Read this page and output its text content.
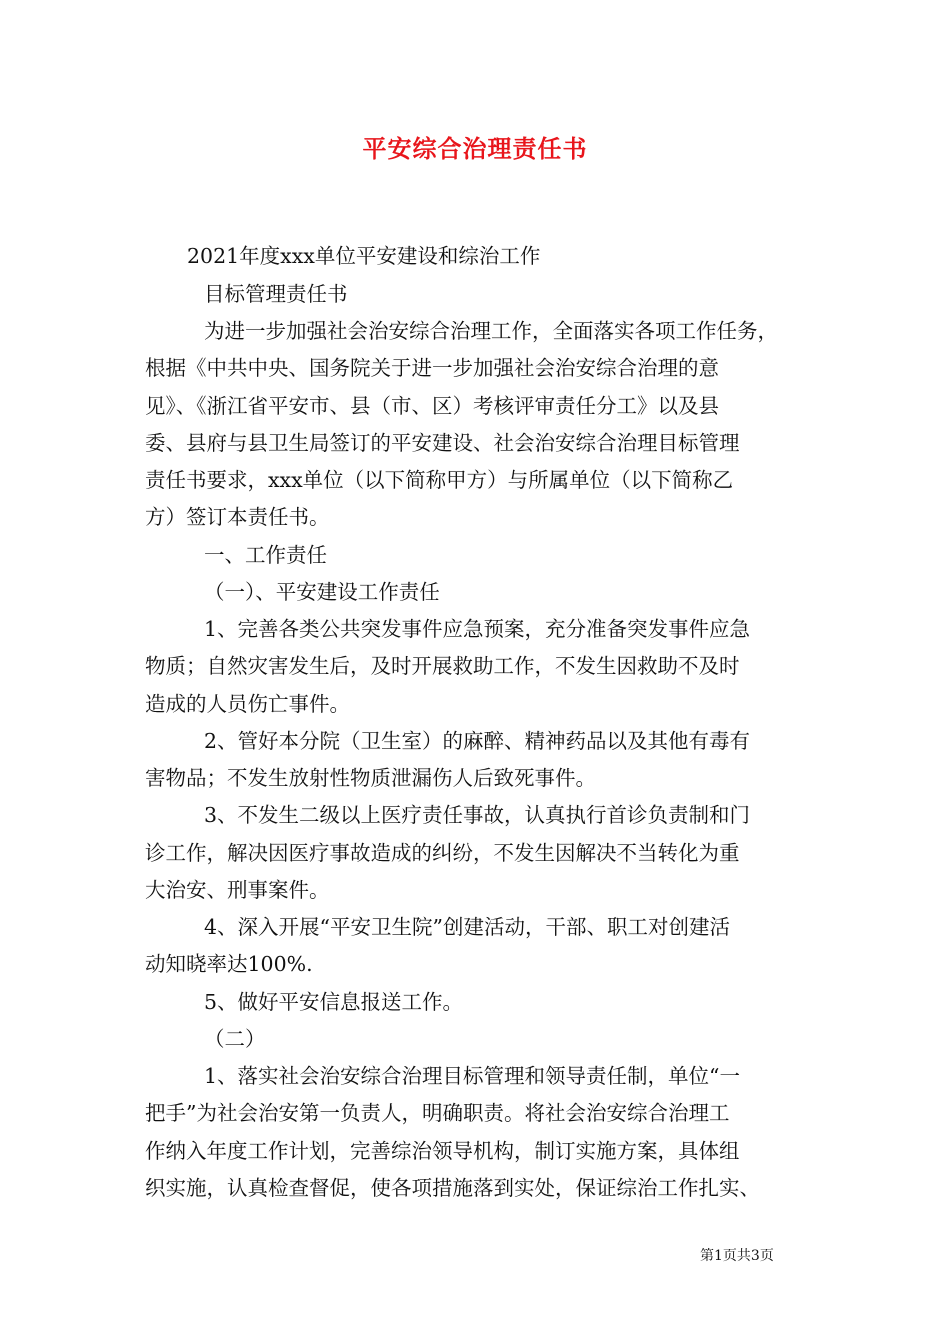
平安综合治理责任书
2021年度xxx单位平安建设和综治工作
目标管理责任书
为进一步加强社会治安综合治理工作，全面落实各项工作任务，
根据《中共中央、国务院关于进一步加强社会治安综合治理的意
见》、《浙江省平安市、县（市、区）考核评审责任分工》以及县
委、县府与县卫生局签订的平安建设、社会治安综合治理目标管理
责任书要求，xxx单位（以下简称甲方）与所属单位（以下简称乙
方）签订本责任书。
一、工作责任
（一）、平安建设工作责任
1、完善各类公共突发事件应急预案，充分准备突发事件应急
物质；自然灾害发生后，及时开展救助工作，不发生因救助不及时
造成的人员伤亡事件。
2、管好本分院（卫生室）的麻醉、精神药品以及其他有毒有
害物品；不发生放射性物质泄漏伤人后致死事件。
3、不发生二级以上医疗责任事故，认真执行首诊负责制和门
诊工作，解决因医疗事故造成的纠纷，不发生因解决不当转化为重
大治安、刑事案件。
4、深入开展“平安卫生院”创建活动，干部、职工对创建活
动知晓率达100%.
5、做好平安信息报送工作。
（二）
1、落实社会治安综合治理目标管理和领导责任制，单位“一
把手”为社会治安第一负责人，明确职责。将社会治安综合治理工
作纳入年度工作计划，完善综治领导机构，制订实施方案，具体组
织实施，认真检查督促，使各项措施落到实处，保证综治工作扎实、
第1页共3页
